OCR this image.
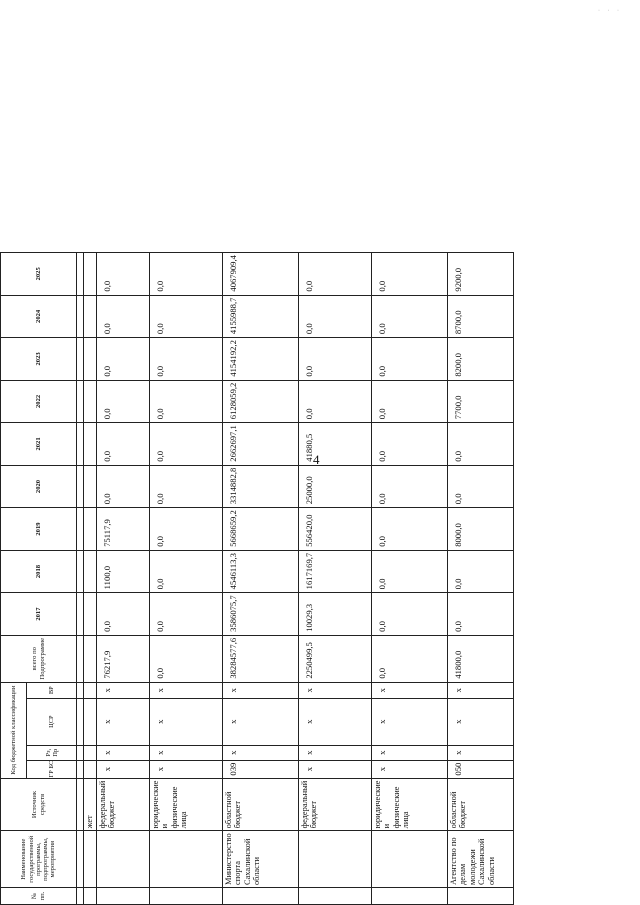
4
· · ·
№ пп.	Наименование государственной программы, подпрограммы, мероприятия	Источник средств	Код бюджетной классификации				всего по Подпрограмме	2017	2018	2019	2020	2021	2022	2023	2024	2025
			ГР БС	Рз, Пр	ЦСР	ВР										

		жет														
		федеральный бюджет	х	х	х	х	76217,9	0,0	1100,0	75117,9	0,0	0,0	0,0	0,0	0,0	0,0
		юридические и физические лица	х	х	х	х	0,0	0,0	0,0	0,0	0,0	0,0	0,0	0,0	0,0	0,0
	Министерство спорта Сахалинской области	областной бюджет	039	х	х	х	38284577,6	3586075,7	4546113,3	5668659,2	3314882,8	2662697,1	6128059,2	4154192,2	4155988,7	4067909,4
		федеральный бюджет	х	х	х	х	2250499,5	10029,3	1617169,7	556420,0	25000,0	41880,5	0,0	0,0	0,0	0,0
		юридические и физические лица	х	х	х	х	0,0	0,0	0,0	0,0	0,0	0,0	0,0	0,0	0,0	0,0
	Агентство по делам молодежи Сахалинской области	областной бюджет	050	х	х	х	41800,0	0,0	0,0	8000,0	0,0	0,0	7700,0	8200,0	8700,0	9200,0
